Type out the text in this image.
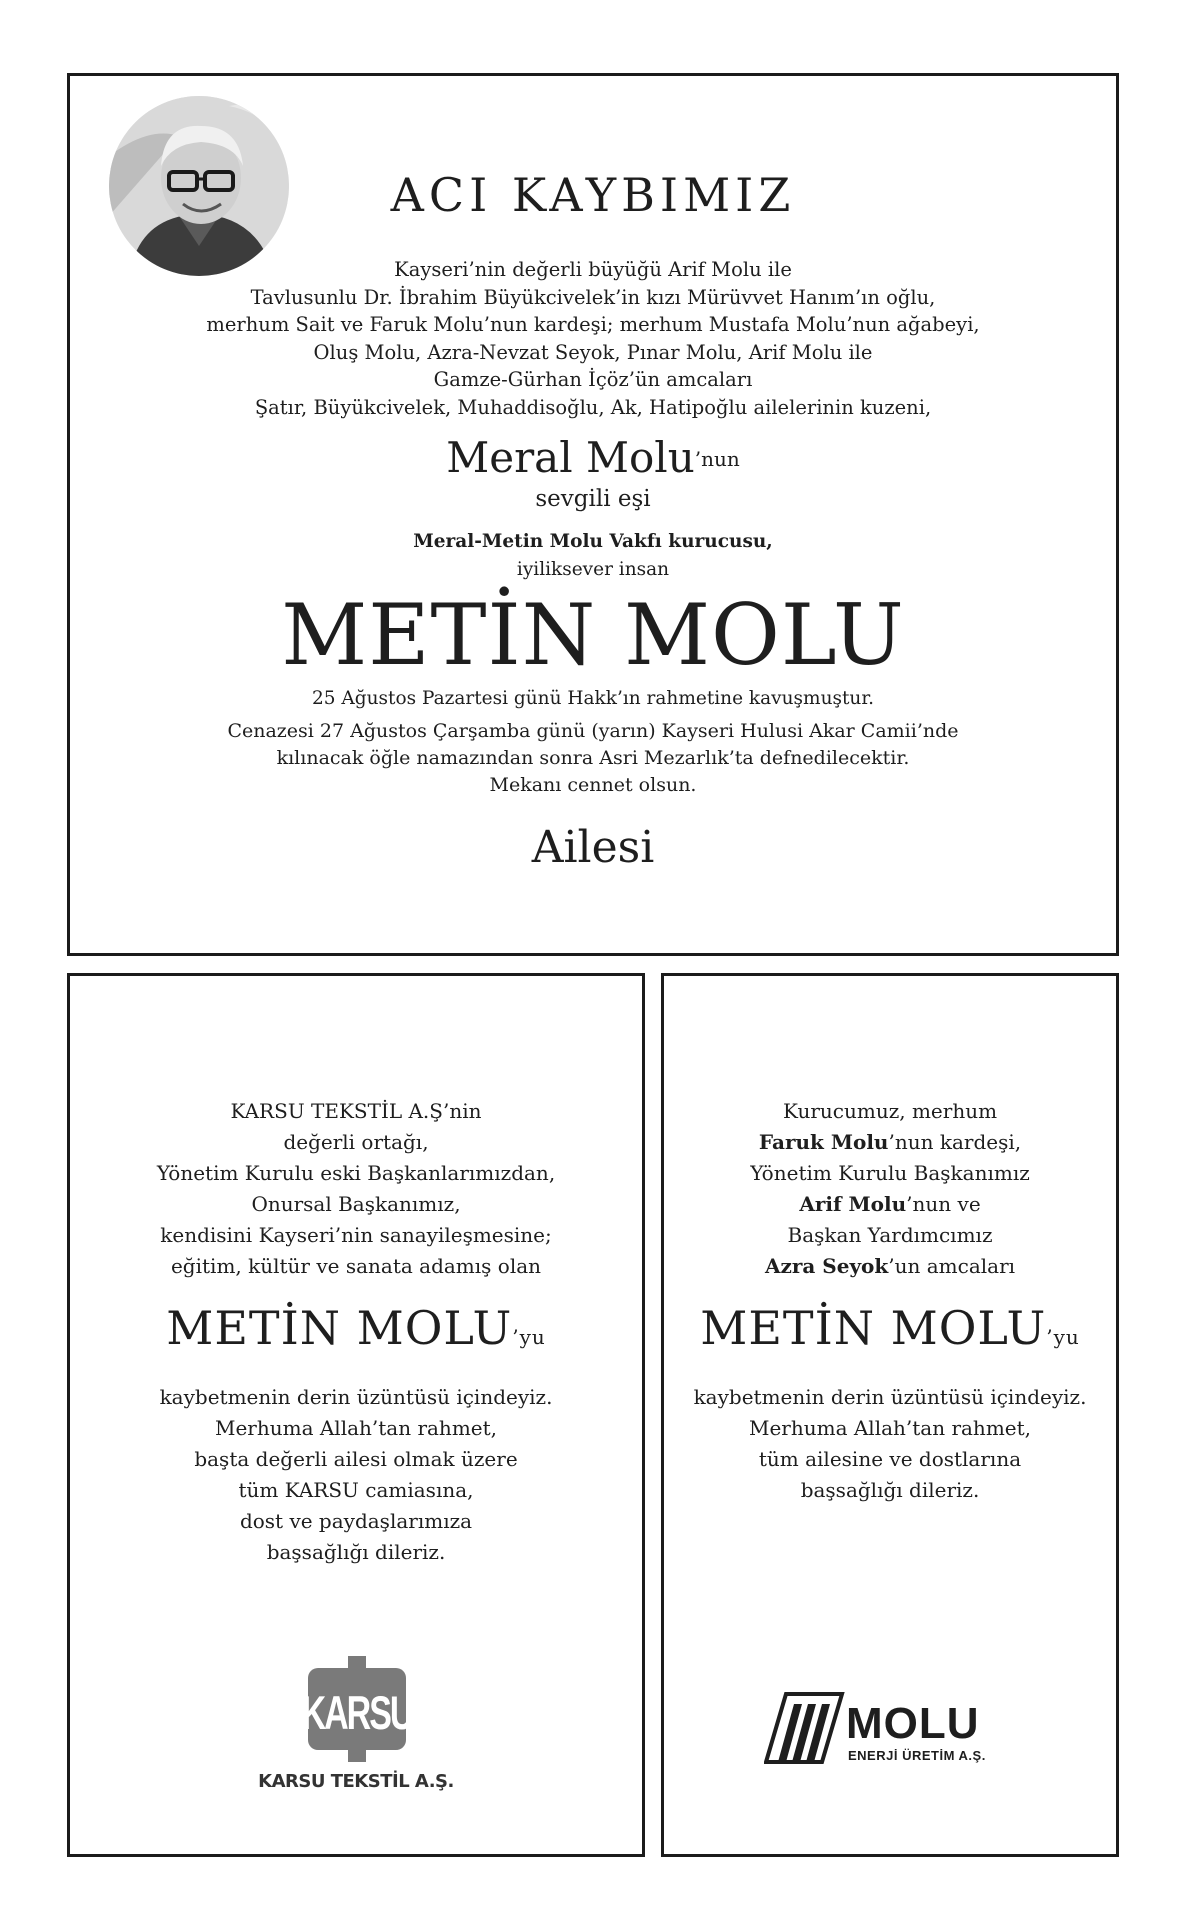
ACI KAYBIMIZ
Kayseri’nin değerli büyüğü Arif Molu ile
Tavlusunlu Dr. İbrahim Büyükcivelek’in kızı Mürüvvet Hanım’ın oğlu,
merhum Sait ve Faruk Molu’nun kardeşi; merhum Mustafa Molu’nun ağabeyi,
Oluş Molu, Azra-Nevzat Seyok, Pınar Molu, Arif Molu ile
Gamze-Gürhan İçöz’ün amcaları
Şatır, Büyükcivelek, Muhaddisoğlu, Ak, Hatipoğlu ailelerinin kuzeni,
Meral Molu’nun
sevgili eşi
Meral-Metin Molu Vakfı kurucusu,
iyiliksever insan
METİN MOLU
25 Ağustos Pazartesi günü Hakk’ın rahmetine kavuşmuştur.
Cenazesi 27 Ağustos Çarşamba günü (yarın) Kayseri Hulusi Akar Camii’nde
kılınacak öğle namazından sonra Asri Mezarlık’ta defnedilecektir.
Mekanı cennet olsun.
Ailesi
KARSU TEKSTİL A.Ş’nin
değerli ortağı,
Yönetim Kurulu eski Başkanlarımızdan,
Onursal Başkanımız,
kendisini Kayseri’nin sanayileşmesine;
eğitim, kültür ve sanata adamış olan
METİN MOLU’yu
kaybetmenin derin üzüntüsü içindeyiz.
Merhuma Allah’tan rahmet,
başta değerli ailesi olmak üzere
tüm KARSU camiasına,
dost ve paydaşlarımıza
başsağlığı dileriz.
KARSU
KARSU TEKSTİL A.Ş.
Kurucumuz, merhum
Faruk Molu’nun kardeşi,
Yönetim Kurulu Başkanımız
Arif Molu’nun ve
Başkan Yardımcımız
Azra Seyok’un amcaları
METİN MOLU’yu
kaybetmenin derin üzüntüsü içindeyiz.
Merhuma Allah’tan rahmet,
tüm ailesine ve dostlarına
başsağlığı dileriz.
MOLU
ENERJİ ÜRETİM A.Ş.
